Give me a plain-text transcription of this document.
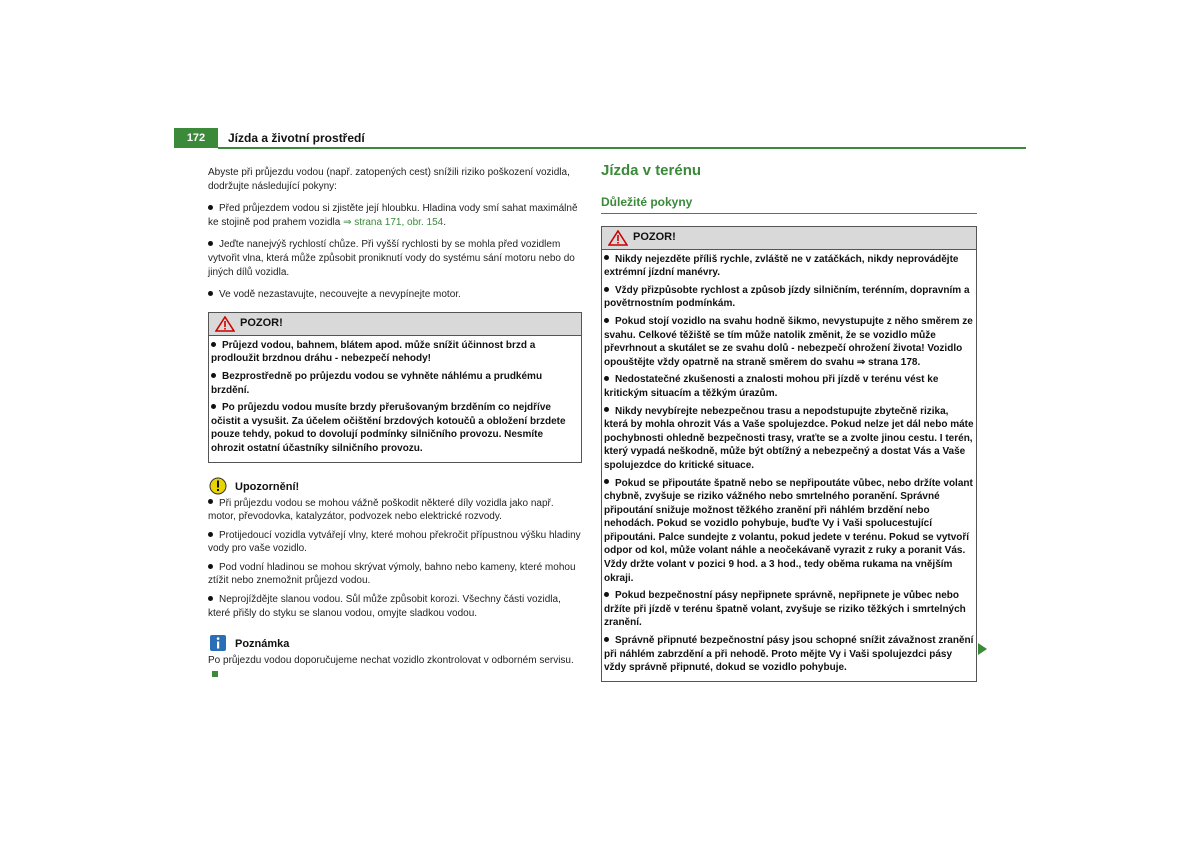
172	Jízda a životní prostředí

Abyste při průjezdu vodou (např. zatopených cest) snížili riziko poškození vozidla, dodržujte následující pokyny:

Před průjezdem vodou si zjistěte její hloubku. Hladina vody smí sahat maximálně ke stojině pod prahem vozidla ⇒ strana 171, obr. 154.

Jeďte nanejvýš rychlostí chůze. Při vyšší rychlosti by se mohla před vozidlem vytvořit vlna, která může způsobit proniknutí vody do systému sání motoru nebo do jiných dílů vozidla.

Ve vodě nezastavujte, necouvejte a nevypínejte motor.

POZOR!

Průjezd vodou, bahnem, blátem apod. může snížit účinnost brzd a prodloužit brzdnou dráhu - nebezpečí nehody!

Bezprostředně po průjezdu vodou se vyhněte náhlému a prudkému brzdění.

Po průjezdu vodou musíte brzdy přerušovaným brzděním co nejdříve očistit a vysušit. Za účelem očištění brzdových kotoučů a obložení brzdete pouze tehdy, pokud to dovolují podmínky silničního provozu. Nesmíte ohrozit ostatní účastníky silničního provozu.

Upozornění!

Při průjezdu vodou se mohou vážně poškodit některé díly vozidla jako např. motor, převodovka, katalyzátor, podvozek nebo elektrické rozvody.

Protijedoucí vozidla vytvářejí vlny, které mohou překročit přípustnou výšku hladiny vody pro vaše vozidlo.

Pod vodní hladinou se mohou skrývat výmoly, bahno nebo kameny, které mohou ztížit nebo znemožnit průjezd vodou.

Neprojíždějte slanou vodou. Sůl může způsobit korozi. Všechny části vozidla, které přišly do styku se slanou vodou, omyjte sladkou vodou.

Poznámka

Po průjezdu vodou doporučujeme nechat vozidlo zkontrolovat v odborném servisu.

Jízda v terénu
Důležité pokyny
POZOR!

Nikdy nejezděte příliš rychle, zvláště ne v zatáčkách, nikdy neprovádějte extrémní jízdní manévry.

Vždy přizpůsobte rychlost a způsob jízdy silničním, terénním, dopravním a povětrnostním podmínkám.

Pokud stojí vozidlo na svahu hodně šikmo, nevystupujte z něho směrem ze svahu. Celkové těžiště se tím může natolik změnit, že se vozidlo může převrhnout a skutálet se ze svahu dolů - nebezpečí ohrožení života! Vozidlo opouštějte vždy opatrně na straně směrem do svahu ⇒ strana 178.

Nedostatečné zkušenosti a znalosti mohou při jízdě v terénu vést ke kritickým situacím a těžkým úrazům.

Nikdy nevybírejte nebezpečnou trasu a nepodstupujte zbytečně rizika, která by mohla ohrozit Vás a Vaše spolujezdce. Pokud nelze jet dál nebo máte pochybnosti ohledně bezpečnosti trasy, vraťte se a zvolte jinou cestu. I terén, který vypadá neškodně, může být obtížný a nebezpečný a dostat Vás a Vaše spolujezdce do kritické situace.

Pokud se připoutáte špatně nebo se nepřipoutáte vůbec, nebo držíte volant chybně, zvyšuje se riziko vážného nebo smrtelného poranění. Správné připoutání snižuje možnost těžkého zranění při náhlém brzdění nebo nehodách. Pokud se vozidlo pohybuje, buďte Vy i Vaši spolucestující připoutáni. Palce sundejte z volantu, pokud jedete v terénu. Pokud se vytvoří odpor od kol, může volant náhle a neočekávaně vyrazit z ruky a poranit Vás. Vždy držte volant v pozici 9 hod. a 3 hod., tedy oběma rukama na vnějším okraji.

Pokud bezpečnostní pásy nepřipnete správně, nepřipnete je vůbec nebo držíte při jízdě v terénu špatně volant, zvyšuje se riziko těžkých i smrtelných zranění.

Správně připnuté bezpečnostní pásy jsou schopné snížit závažnost zranění při náhlém zabrzdění a při nehodě. Proto mějte Vy i Vaši spolujezdci pásy vždy správně připnuté, dokud se vozidlo pohybuje.
